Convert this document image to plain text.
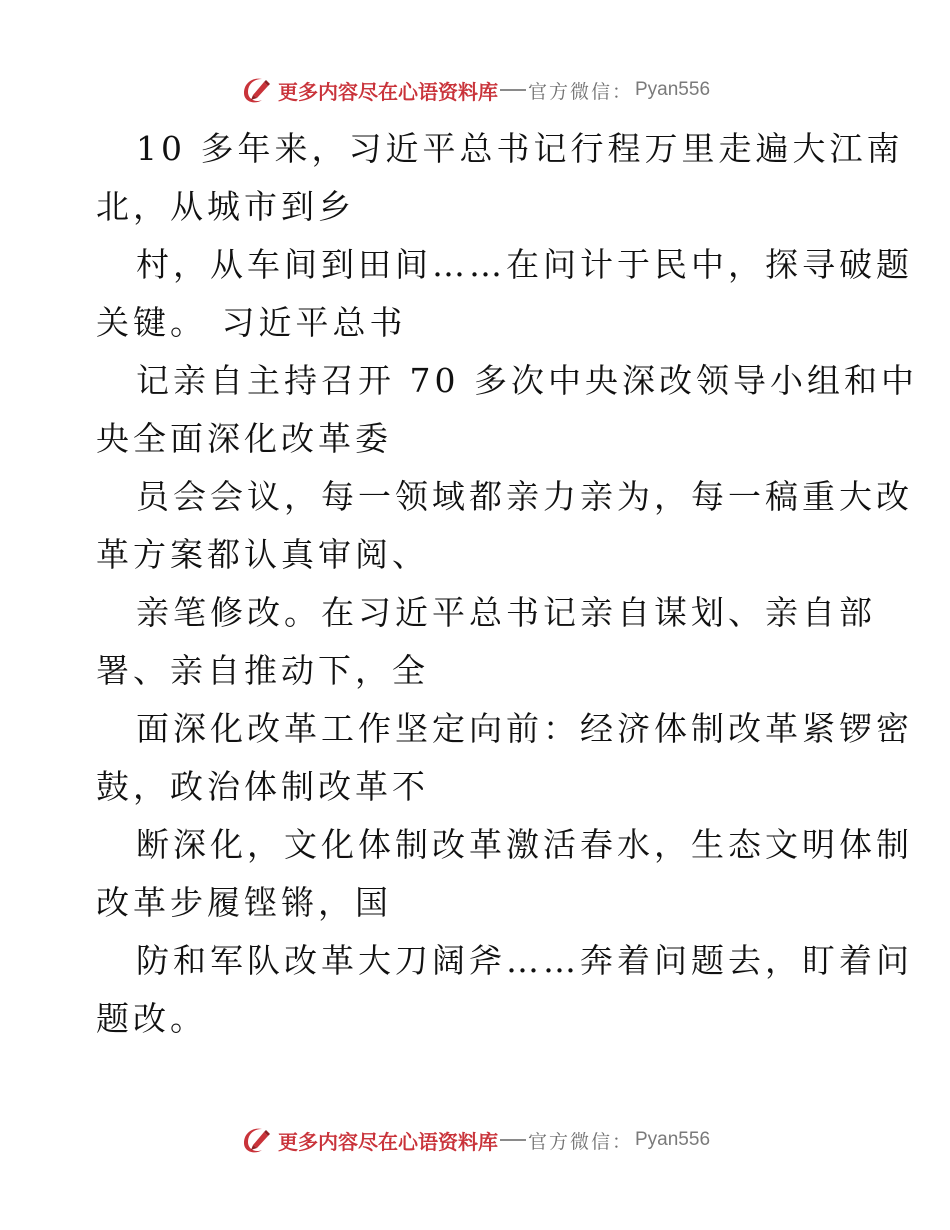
更多内容尽在心语资料库 官方微信： Pyan556
10 多年来，习近平总书记行程万里走遍大江南
北，从城市到乡
村，从车间到田间……在问计于民中，探寻破题
关键。 习近平总书
记亲自主持召开 70 多次中央深改领导小组和中
央全面深化改革委
员会会议，每一领域都亲力亲为，每一稿重大改
革方案都认真审阅、
亲笔修改。在习近平总书记亲自谋划、亲自部
署、亲自推动下，全
面深化改革工作坚定向前：经济体制改革紧锣密
鼓，政治体制改革不
断深化，文化体制改革激活春水，生态文明体制
改革步履铿锵，国
防和军队改革大刀阔斧……奔着问题去，盯着问
题改。
更多内容尽在心语资料库 官方微信： Pyan556
